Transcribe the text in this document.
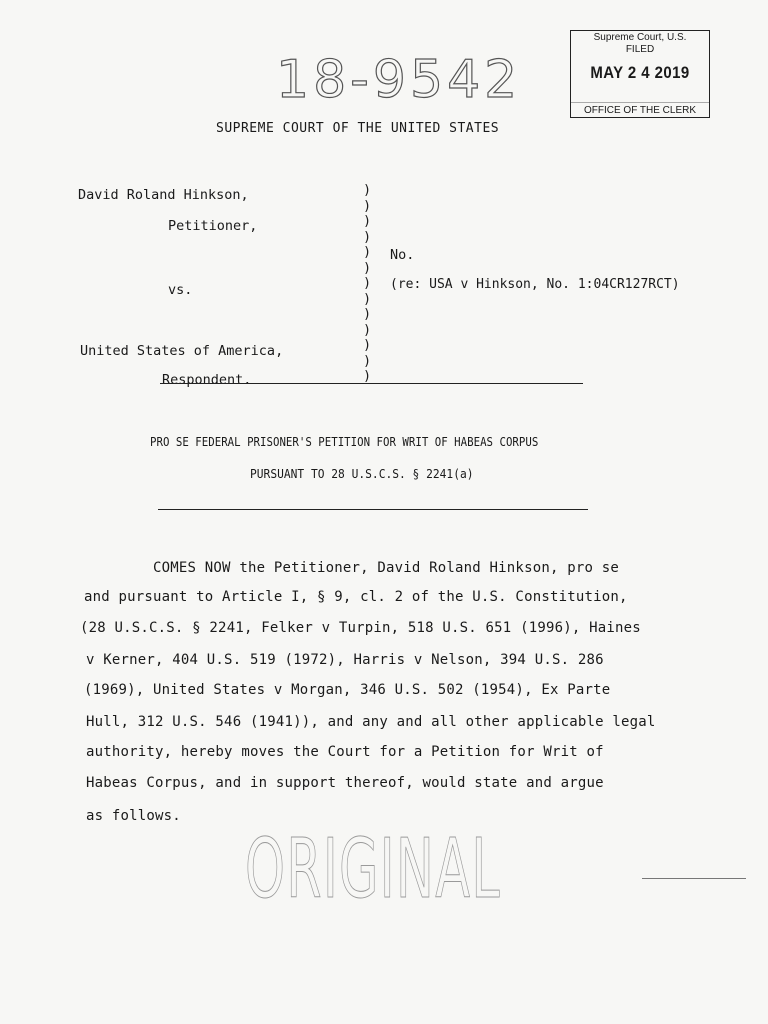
Supreme Court, U.S.
FILED
MAY 2 4 2019
OFFICE OF THE CLERK
18-9542
SUPREME COURT OF THE UNITED STATES
David Roland Hinkson,
Petitioner,
vs.
United States of America,
Respondent.
)
)
)
)
)
)
)
)
)
)
)
)
)
No.
(re: USA v Hinkson, No. 1:04CR127RCT)
PRO SE FEDERAL PRISONER'S PETITION FOR WRIT OF HABEAS CORPUS
PURSUANT TO 28 U.S.C.S. § 2241(a)
COMES NOW the Petitioner, David Roland Hinkson, pro se
and pursuant to Article I, § 9, cl. 2 of the U.S. Constitution,
(28 U.S.C.S. § 2241, Felker v Turpin, 518 U.S. 651 (1996), Haines
v Kerner, 404 U.S. 519 (1972), Harris v Nelson, 394 U.S. 286
(1969), United States v Morgan, 346 U.S. 502 (1954), Ex Parte
Hull, 312 U.S. 546 (1941)), and any and all other applicable legal
authority, hereby moves the Court for a Petition for Writ of
Habeas Corpus, and in support thereof, would state and argue
as follows.
ORIGINAL
